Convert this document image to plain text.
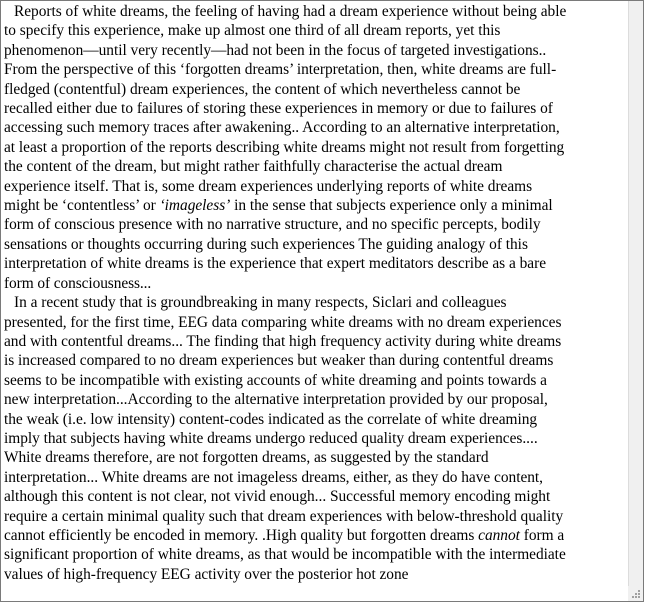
Reports of white dreams, the feeling of having had a dream experience without being able
to specify this experience, make up almost one third of all dream reports, yet this
phenomenon—until very recently—had not been in the focus of targeted investigations..
From the perspective of this ‘forgotten dreams’ interpretation, then, white dreams are full-
fledged (contentful) dream experiences, the content of which nevertheless cannot be
recalled either due to failures of storing these experiences in memory or due to failures of
accessing such memory traces after awakening.. According to an alternative interpretation,
at least a proportion of the reports describing white dreams might not result from forgetting
the content of the dream, but might rather faithfully characterise the actual dream
experience itself. That is, some dream experiences underlying reports of white dreams
might be ‘contentless’ or ‘imageless’ in the sense that subjects experience only a minimal
form of conscious presence with no narrative structure, and no specific percepts, bodily
sensations or thoughts occurring during such experiences The guiding analogy of this
interpretation of white dreams is the experience that expert meditators describe as a bare
form of consciousness...

In a recent study that is groundbreaking in many respects, Siclari and colleagues
presented, for the first time, EEG data comparing white dreams with no dream experiences
and with contentful dreams... The finding that high frequency activity during white dreams
is increased compared to no dream experiences but weaker than during contentful dreams
seems to be incompatible with existing accounts of white dreaming and points towards a
new interpretation...According to the alternative interpretation provided by our proposal,
the weak (i.e. low intensity) content-codes indicated as the correlate of white dreaming
imply that subjects having white dreams undergo reduced quality dream experiences....
White dreams therefore, are not forgotten dreams, as suggested by the standard
interpretation... White dreams are not imageless dreams, either, as they do have content,
although this content is not clear, not vivid enough... Successful memory encoding might
require a certain minimal quality such that dream experiences with below-threshold quality
cannot efficiently be encoded in memory. .High quality but forgotten dreams cannot form a
significant proportion of white dreams, as that would be incompatible with the intermediate
values of high-frequency EEG activity over the posterior hot zone
